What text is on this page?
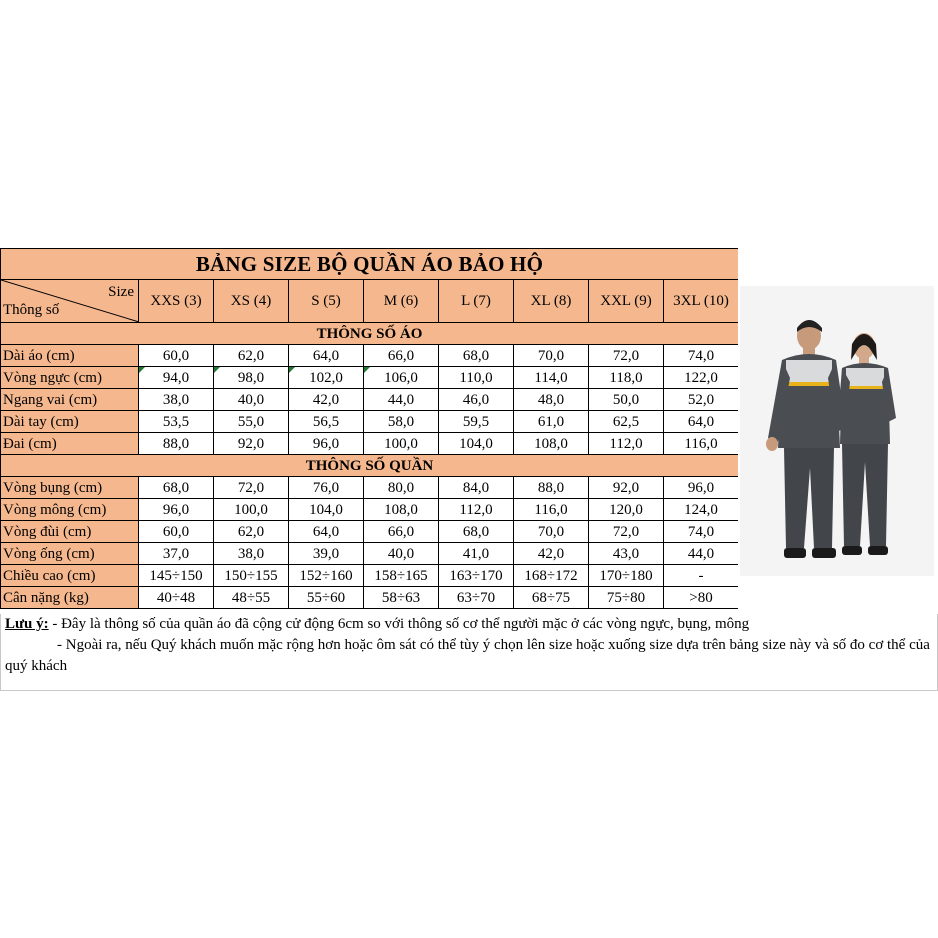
BẢNG SIZE BỘ QUẦN ÁO BẢO HỘ								

Size
Thông số	XXS (3)	XS (4)	S (5)	M (6)	L (7)	XL (8)	XXL (9)	3XL (10)
THÔNG SỐ ÁO								
Dài áo (cm)	60,0	62,0	64,0	66,0	68,0	70,0	72,0	74,0
Vòng ngực (cm)	94,0	98,0	102,0	106,0	110,0	114,0	118,0	122,0
Ngang vai (cm)	38,0	40,0	42,0	44,0	46,0	48,0	50,0	52,0
Dài tay (cm)	53,5	55,0	56,5	58,0	59,5	61,0	62,5	64,0
Đai (cm)	88,0	92,0	96,0	100,0	104,0	108,0	112,0	116,0
THÔNG SỐ QUẦN								
Vòng bụng (cm)	68,0	72,0	76,0	80,0	84,0	88,0	92,0	96,0
Vòng mông (cm)	96,0	100,0	104,0	108,0	112,0	116,0	120,0	124,0
Vòng đùi (cm)	60,0	62,0	64,0	66,0	68,0	70,0	72,0	74,0
Vòng ống (cm)	37,0	38,0	39,0	40,0	41,0	42,0	43,0	44,0
Chiều cao (cm)	145÷150	150÷155	152÷160	158÷165	163÷170	168÷172	170÷180	-
Cân nặng (kg)	40÷48	48÷55	55÷60	58÷63	63÷70	68÷75	75÷80	>80
Lưu ý: - Đây là thông số của quần áo đã cộng cử động 6cm so với thông số cơ thể người mặc ở các vòng ngực, bụng, mông
- Ngoài ra, nếu Quý khách muốn mặc rộng hơn hoặc ôm sát có thể tùy ý chọn lên size hoặc xuống size dựa trên bảng size này và số đo cơ thể của quý khách
